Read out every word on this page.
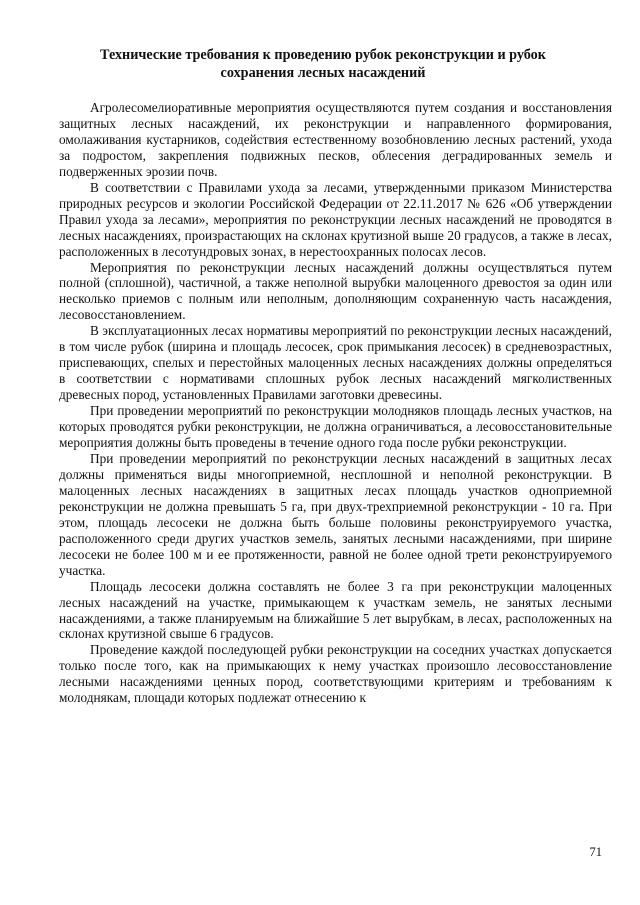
Технические требования к проведению рубок реконструкции и рубок сохранения лесных насаждений

Агролесомелиоративные мероприятия осуществляются путем создания и восстановления защитных лесных насаждений, их реконструкции и направленного формирования, омолаживания кустарников, содействия естественному возобновлению лесных растений, ухода за подростом, закрепления подвижных песков, облесения деградированных земель и подверженных эрозии почв.

В соответствии с Правилами ухода за лесами, утвержденными приказом Министерства природных ресурсов и экологии Российской Федерации от 22.11.2017 № 626 «Об утверждении Правил ухода за лесами», мероприятия по реконструкции лесных насаждений не проводятся в лесных насаждениях, произрастающих на склонах крутизной выше 20 градусов, а также в лесах, расположенных в лесотундровых зонах, в нерестоохранных полосах лесов.

Мероприятия по реконструкции лесных насаждений должны осуществляться путем полной (сплошной), частичной, а также неполной вырубки малоценного древостоя за один или несколько приемов с полным или неполным, дополняющим сохраненную часть насаждения, лесовосстановлением.

В эксплуатационных лесах нормативы мероприятий по реконструкции лесных насаждений, в том числе рубок (ширина и площадь лесосек, срок примыкания лесосек) в средневозрастных, приспевающих, спелых и перестойных малоценных лесных насаждениях должны определяться в соответствии с нормативами сплошных рубок лесных насаждений мягколиственных древесных пород, установленных Правилами заготовки древесины.

При проведении мероприятий по реконструкции молодняков площадь лесных участков, на которых проводятся рубки реконструкции, не должна ограничиваться, а лесовосстановительные мероприятия должны быть проведены в течение одного года после рубки реконструкции.

При проведении мероприятий по реконструкции лесных насаждений в защитных лесах должны применяться виды многоприемной, несплошной и неполной реконструкции. В малоценных лесных насаждениях в защитных лесах площадь участков одноприемной реконструкции не должна превышать 5 га, при двух-трехприемной реконструкции - 10 га. При этом, площадь лесосеки не должна быть больше половины реконструируемого участка, расположенного среди других участков земель, занятых лесными насаждениями, при ширине лесосеки не более 100 м и ее протяженности, равной не более одной трети реконструируемого участка.

Площадь лесосеки должна составлять не более 3 га при реконструкции малоценных лесных насаждений на участке, примыкающем к участкам земель, не занятых лесными насаждениями, а также планируемым на ближайшие 5 лет вырубкам, в лесах, расположенных на склонах крутизной свыше 6 градусов.

Проведение каждой последующей рубки реконструкции на соседних участках допускается только после того, как на примыкающих к нему участках произошло лесовосстановление лесными насаждениями ценных пород, соответствующими критериям и требованиям к молоднякам, площади которых подлежат отнесению к

71
